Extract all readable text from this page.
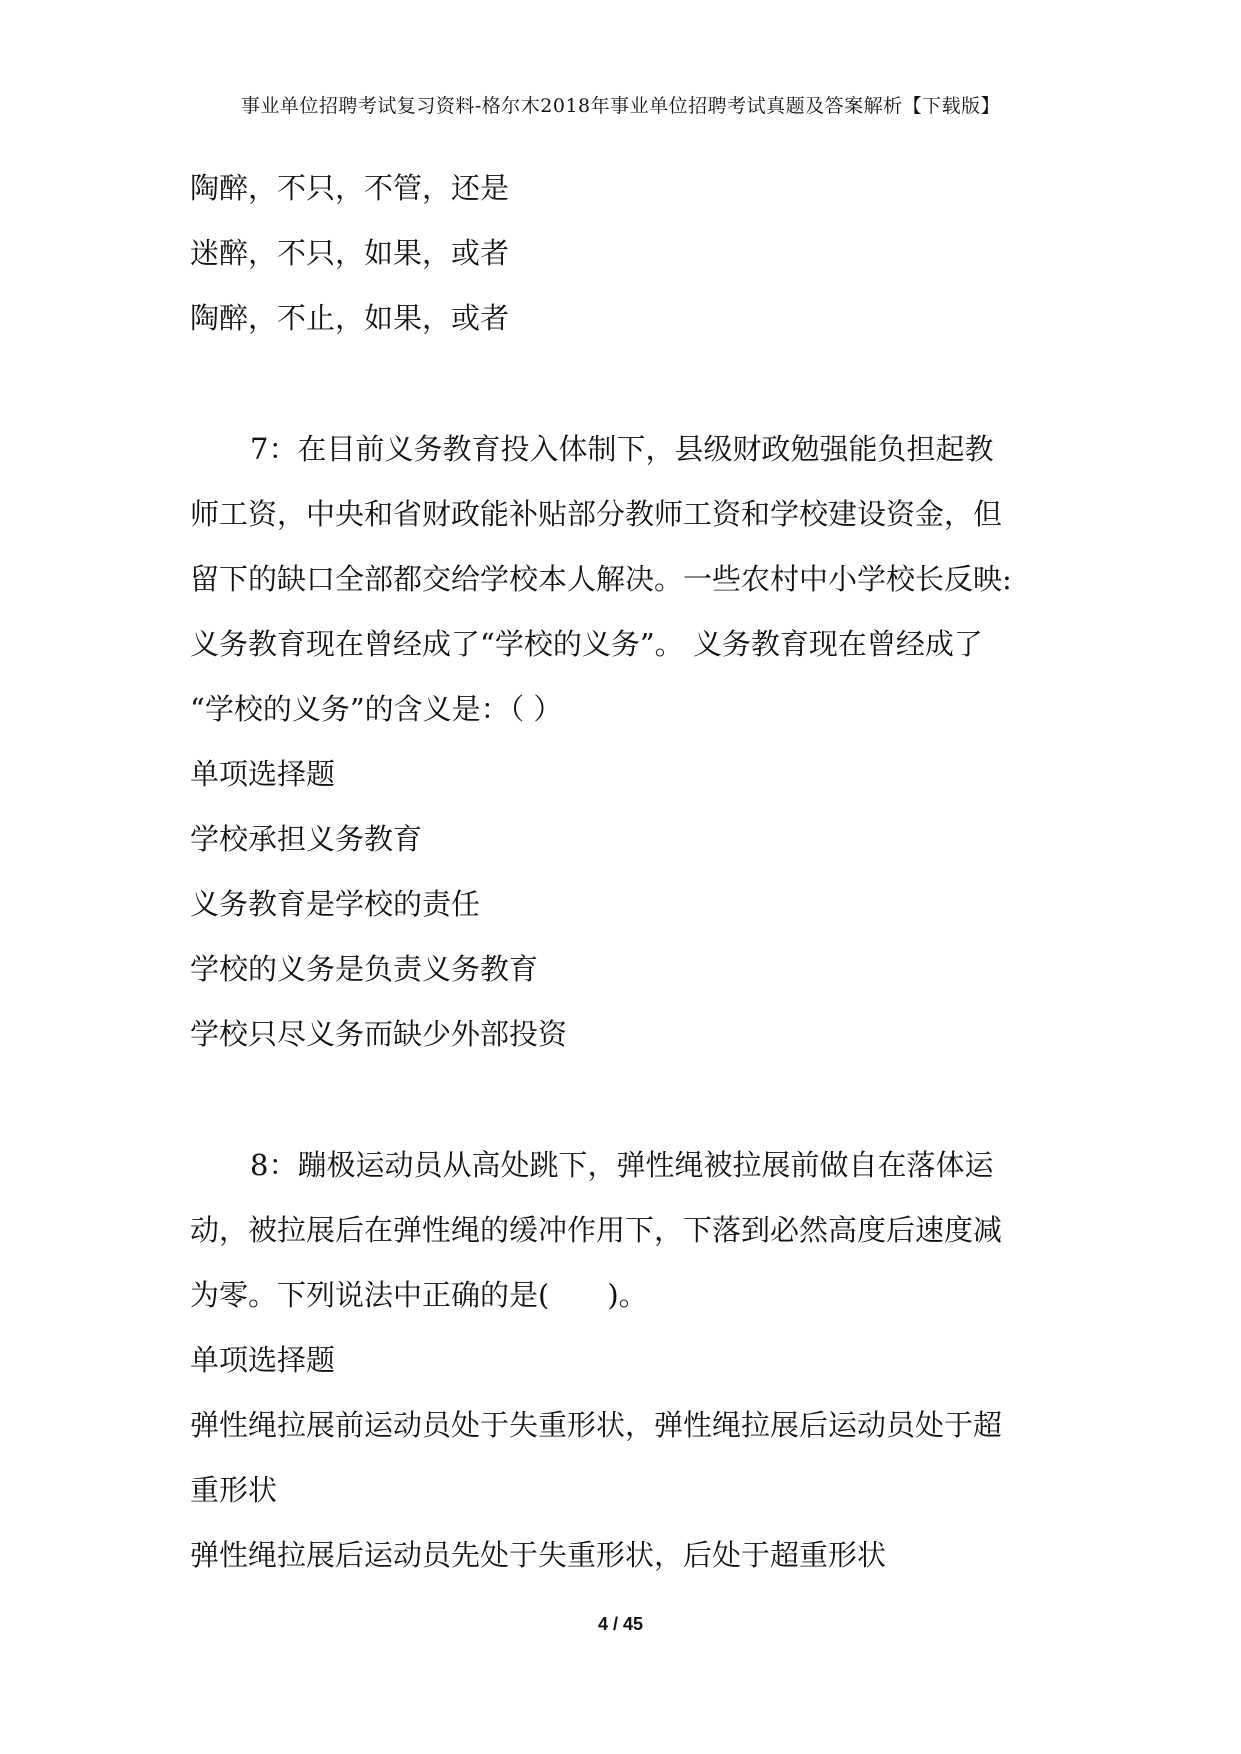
事业单位招聘考试复习资料-格尔木2018年事业单位招聘考试真题及答案解析【下载版】
陶醉，不只，不管，还是
迷醉，不只，如果，或者
陶醉，不止，如果，或者
7：在目前义务教育投入体制下，县级财政勉强能负担起教
师工资，中央和省财政能补贴部分教师工资和学校建设资金，但
留下的缺口全部都交给学校本人解决。一些农村中小学校长反映:
义务教育现在曾经成了“学校的义务”。 义务教育现在曾经成了
“学校的义务”的含义是：（ ）
单项选择题
学校承担义务教育
义务教育是学校的责任
学校的义务是负责义务教育
学校只尽义务而缺少外部投资
8：蹦极运动员从高处跳下，弹性绳被拉展前做自在落体运
动，被拉展后在弹性绳的缓冲作用下，下落到必然高度后速度减
为零。下列说法中正确的是(　　)。
单项选择题
弹性绳拉展前运动员处于失重形状，弹性绳拉展后运动员处于超
重形状
弹性绳拉展后运动员先处于失重形状，后处于超重形状
4 / 45
